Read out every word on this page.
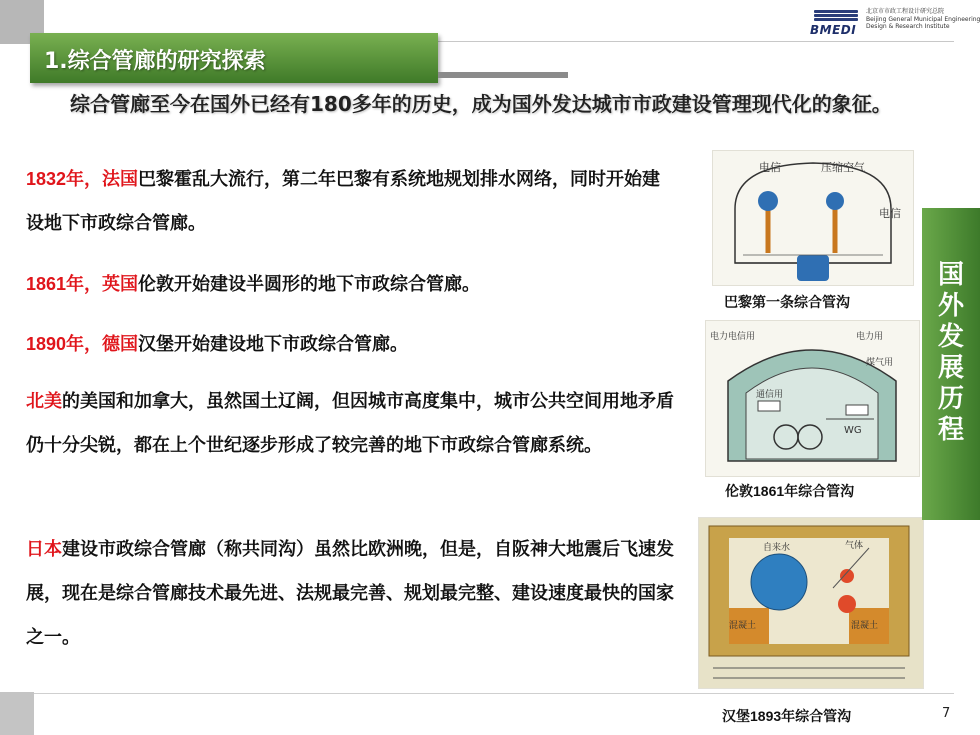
BMEDI
北京市市政工程设计研究总院
Beijing General Municipal Engineering
Design & Research Institute
1.综合管廊的研究探索
综合管廊至今在国外已经有180多年的历史，成为国外发达城市市政建设管理现代化的象征。
1832年，法国巴黎霍乱大流行，第二年巴黎有系统地规划排水网络，同时开始建设地下市政综合管廊。
1861年，英国伦敦开始建设半圆形的地下市政综合管廊。
1890年，德国汉堡开始建设地下市政综合管廊。
北美的美国和加拿大，虽然国土辽阔，但因城市高度集中，城市公共空间用地矛盾仍十分尖锐，都在上个世纪逐步形成了较完善的地下市政综合管廊系统。
日本建设市政综合管廊（称共同沟）虽然比欧洲晚，但是，自阪神大地震后飞速发展，现在是综合管廊技术最先进、法规最完善、规划最完整、建设速度最快的国家之一。
电信	压缩空气
电信
巴黎第一条综合管沟
电力电信用	电力用
煤气用
通信用
WG
伦敦1861年综合管沟
自来水	气体
混凝土	混凝土
汉堡1893年综合管沟
国
外
发
展
历
程
7
